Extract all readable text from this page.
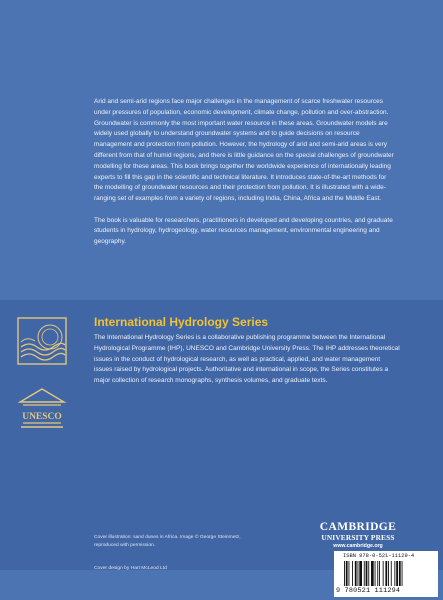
Arid and semi-arid regions face major challenges in the management of scarce freshwater resources under pressures of population, economic development, climate change, pollution and over-abstraction. Groundwater is commonly the most important water resource in these areas. Groundwater models are widely used globally to understand groundwater systems and to guide decisions on resource management and protection from pollution. However, the hydrology of arid and semi-arid areas is very different from that of humid regions, and there is little guidance on the special challenges of groundwater modelling for these areas. This book brings together the worldwide experience of internationally leading experts to fill this gap in the scientific and technical literature. It introduces state-of-the-art methods for the modelling of groundwater resources and their protection from pollution. It is illustrated with a wide-ranging set of examples from a variety of regions, including India, China, Africa and the Middle East.

The book is valuable for researchers, practitioners in developed and developing countries, and graduate students in hydrology, hydrogeology, water resources management, environmental engineering and geography.

UNESCO
International Hydrology Series
The International Hydrology Series is a collaborative publishing programme between the International Hydrological Programme (IHP), UNESCO and Cambridge University Press. The IHP addresses theoretical issues in the conduct of hydrological research, as well as practical, applied, and water management issues raised by hydrological projects. Authoritative and international in scope, the Series constitutes a major collection of research monographs, synthesis volumes, and graduate texts.
Cover illustration: sand dunes in Africa. Image © George Steinmetz, reproduced with permission.
Cover design by Hart McLeod Ltd
CAMBRIDGE
UNIVERSITY PRESS
www.cambridge.org
ISBN 978-0-521-11129-4
9 780521 111294
